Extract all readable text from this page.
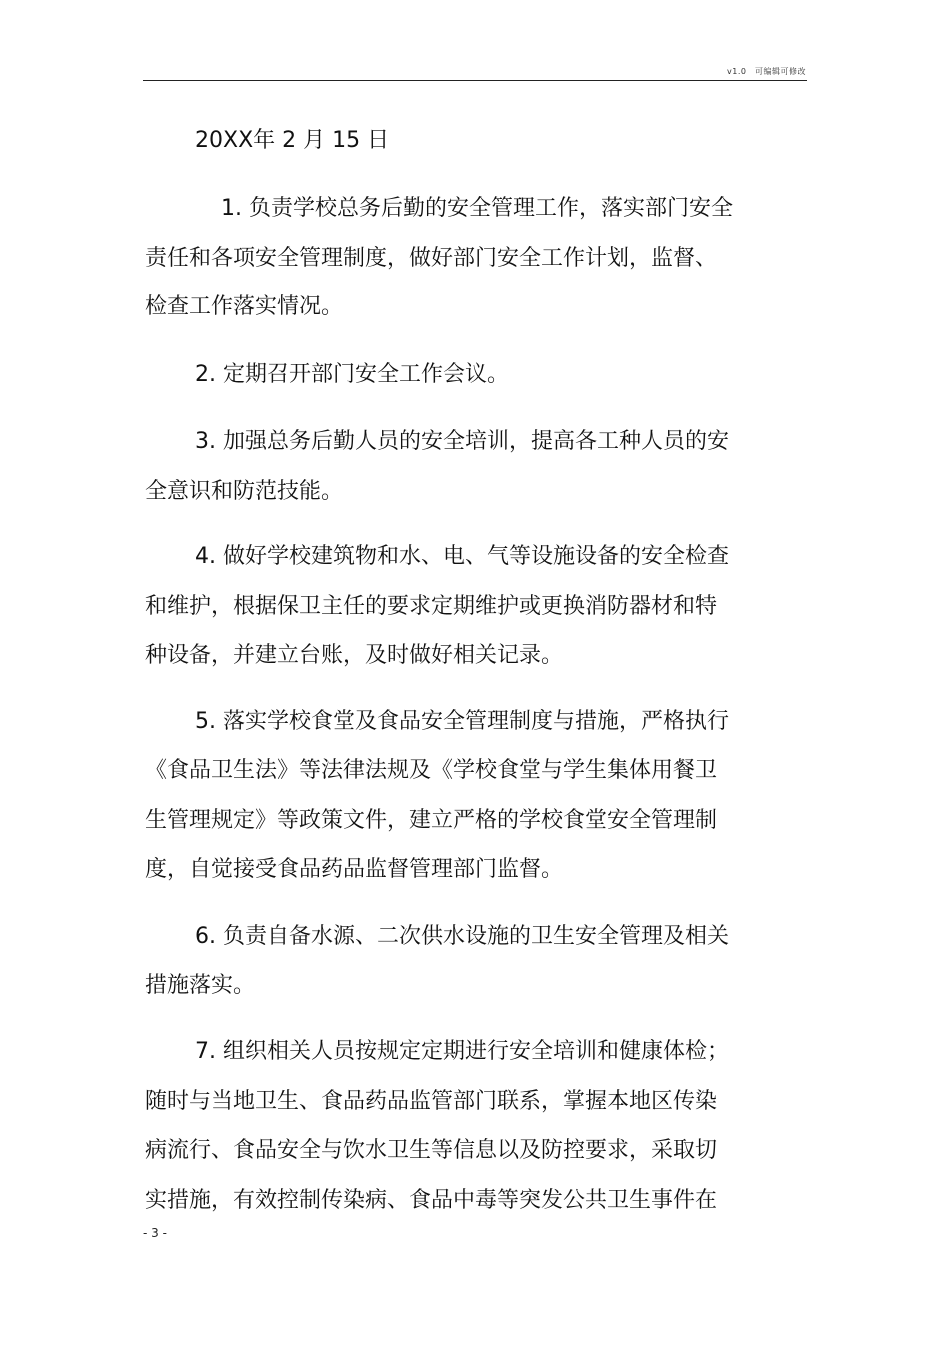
v1.0　可编辑可修改
20XX年 2 月 15 日
1. 负责学校总务后勤的安全管理工作，落实部门安全
责任和各项安全管理制度，做好部门安全工作计划，监督、
检查工作落实情况。
2. 定期召开部门安全工作会议。
3. 加强总务后勤人员的安全培训，提高各工种人员的安
全意识和防范技能。
4. 做好学校建筑物和水、电、气等设施设备的安全检查
和维护，根据保卫主任的要求定期维护或更换消防器材和特
种设备，并建立台账，及时做好相关记录。
5. 落实学校食堂及食品安全管理制度与措施，严格执行
《食品卫生法》等法律法规及《学校食堂与学生集体用餐卫
生管理规定》等政策文件，建立严格的学校食堂安全管理制
度，自觉接受食品药品监督管理部门监督。
6. 负责自备水源、二次供水设施的卫生安全管理及相关
措施落实。
7. 组织相关人员按规定定期进行安全培训和健康体检；
随时与当地卫生、食品药品监管部门联系，掌握本地区传染
病流行、食品安全与饮水卫生等信息以及防控要求，采取切
实措施，有效控制传染病、食品中毒等突发公共卫生事件在
- 3 -
